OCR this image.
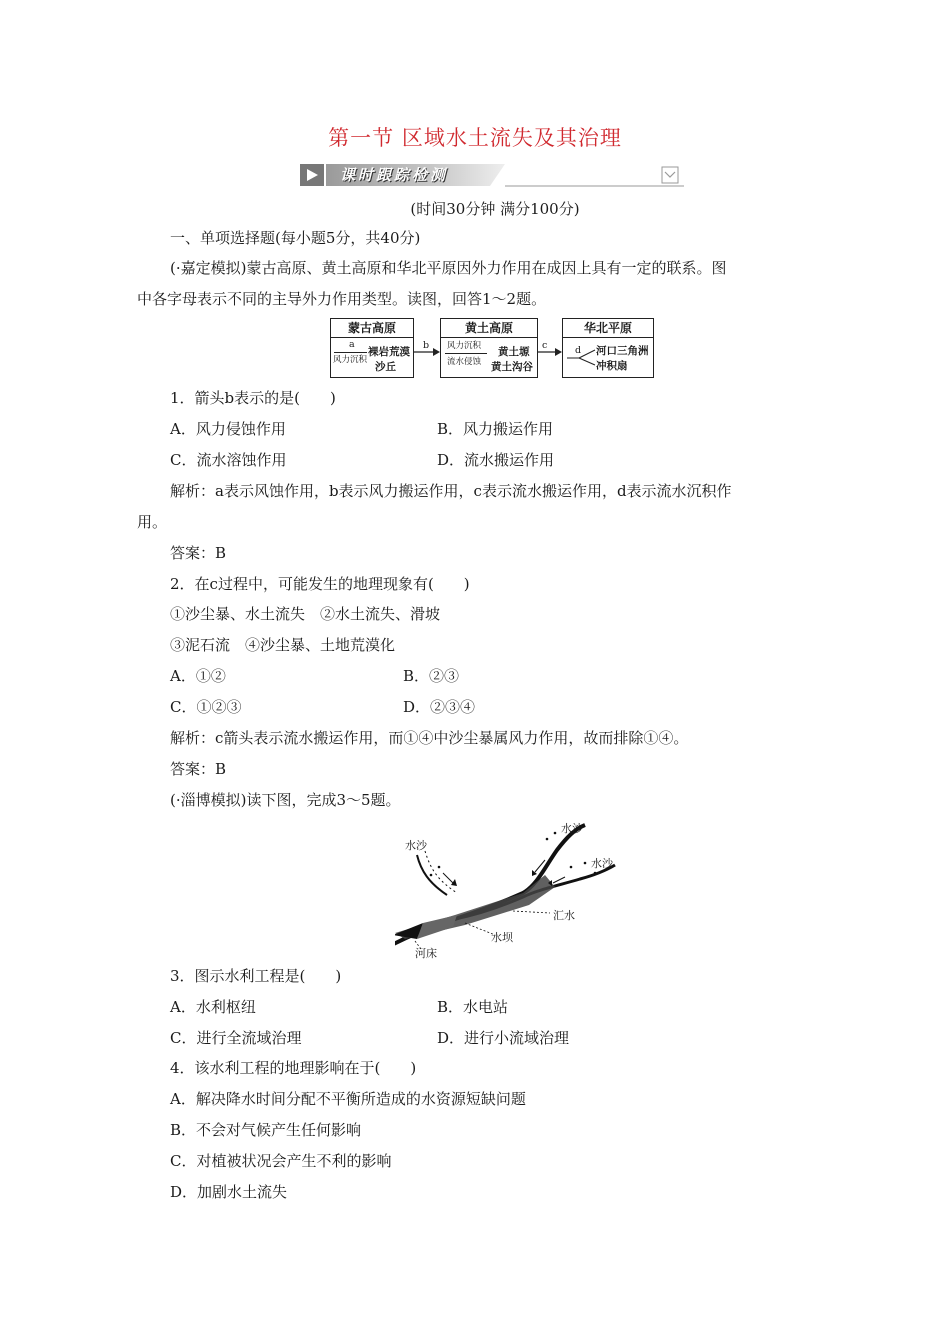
第一节 区域水土流失及其治理
课时跟踪检测
(时间30分钟 满分100分)
一、单项选择题(每小题5分，共40分)
(·嘉定模拟)蒙古高原、黄土高原和华北平原因外力作用在成因上具有一定的联系。图
中各字母表示不同的主导外力作用类型。读图，回答1～2题。
蒙古高原
a
风力沉积
裸岩荒漠
沙丘
b
黄土高原
风力沉积
流水侵蚀
黄土塬
黄土沟谷
c
华北平原
d 河口三角洲
冲积扇
1．箭头b表示的是(　　)
A．风力侵蚀作用	B．风力搬运作用
C．流水溶蚀作用	D．流水搬运作用
解析：a表示风蚀作用，b表示风力搬运作用，c表示流水搬运作用，d表示流水沉积作
用。
答案：B
2．在c过程中，可能发生的地理现象有(　　)
①沙尘暴、水土流失　②水土流失、滑坡
③泥石流　④沙尘暴、土地荒漠化
A．①②	B．②③
C．①②③	D．②③④
解析：c箭头表示流水搬运作用，而①④中沙尘暴属风力作用，故而排除①④。
答案：B
(·淄博模拟)读下图，完成3～5题。
水沙
水沙
水沙
汇水
水坝
河床
3．图示水利工程是(　　)
A．水利枢纽	B．水电站
C．进行全流域治理	D．进行小流域治理
4．该水利工程的地理影响在于(　　)
A．解决降水时间分配不平衡所造成的水资源短缺问题
B．不会对气候产生任何影响
C．对植被状况会产生不利的影响
D．加剧水土流失
